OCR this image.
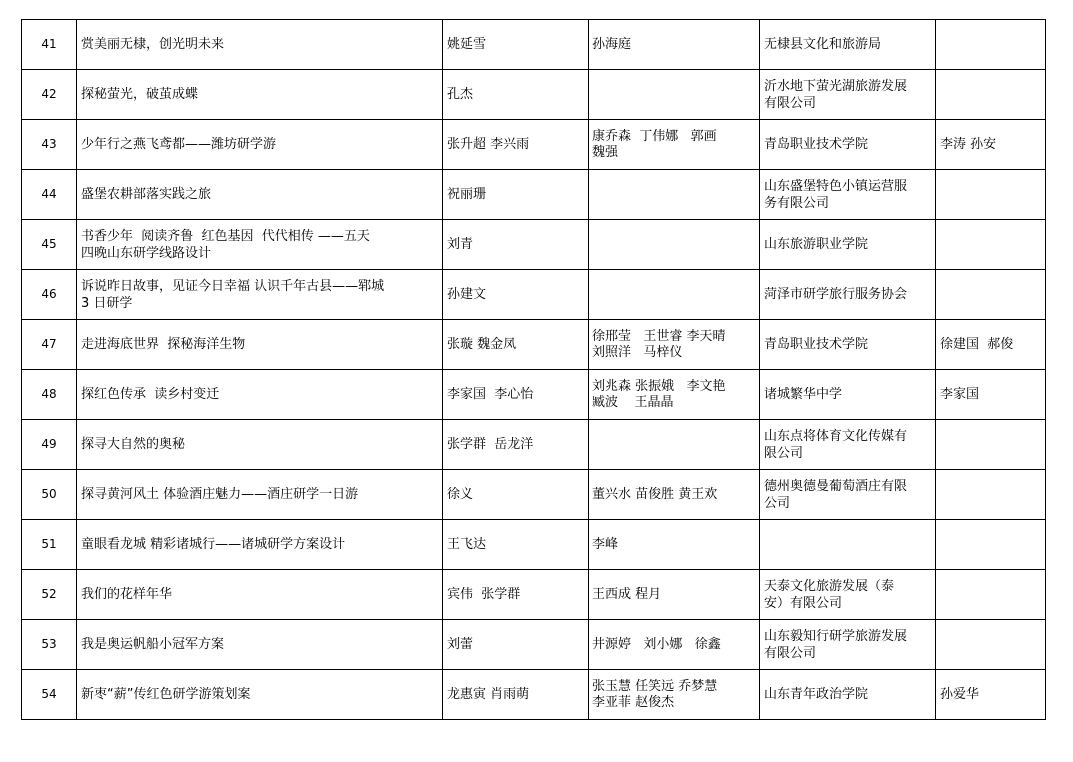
41	赏美丽无棣，创光明未来	姚延雪	孙海庭	无棣县文化和旅游局	
42	探秘萤光，破茧成蝶	孔杰		沂水地下萤光湖旅游发展
有限公司	
43	少年行之燕飞鸢都——潍坊研学游	张升超 李兴雨	康乔森  丁伟娜   郭画
魏强	青岛职业技术学院	李涛 孙安
44	盛堡农耕部落实践之旅	祝丽珊		山东盛堡特色小镇运营服
务有限公司	
45	书香少年  阅读齐鲁  红色基因  代代相传 ——五天
四晚山东研学线路设计	刘青		山东旅游职业学院	
46	诉说昨日故事，见证今日幸福 认识千年古县——郓城
3 日研学	孙建文		菏泽市研学旅行服务协会	
47	走进海底世界  探秘海洋生物	张璇 魏金凤	徐邢莹   王世睿 李天晴
刘照洋   马梓仪	青岛职业技术学院	徐建国  郝俊
48	探红色传承  读乡村变迁	李家国  李心怡	刘兆森 张振娥   李文艳
臧波    王晶晶	诸城繁华中学	李家国
49	探寻大自然的奥秘	张学群  岳龙洋		山东点将体育文化传媒有
限公司	
50	探寻黄河风土 体验酒庄魅力——酒庄研学一日游	徐义	董兴水 苗俊胜 黄王欢	德州奥德曼葡萄酒庄有限
公司	
51	童眼看龙城 精彩诸城行——诸城研学方案设计	王飞达	李峰		
52	我们的花样年华	宾伟  张学群	王西成 程月	天泰文化旅游发展（泰
安）有限公司	
53	我是奥运帆船小冠军方案	刘蕾	井源婷   刘小娜   徐鑫	山东毅知行研学旅游发展
有限公司	
54	新枣“薪”传红色研学游策划案	龙惠寅 肖雨萌	张玉慧 任笑远 乔梦慧
李亚菲 赵俊杰	山东青年政治学院	孙爱华
